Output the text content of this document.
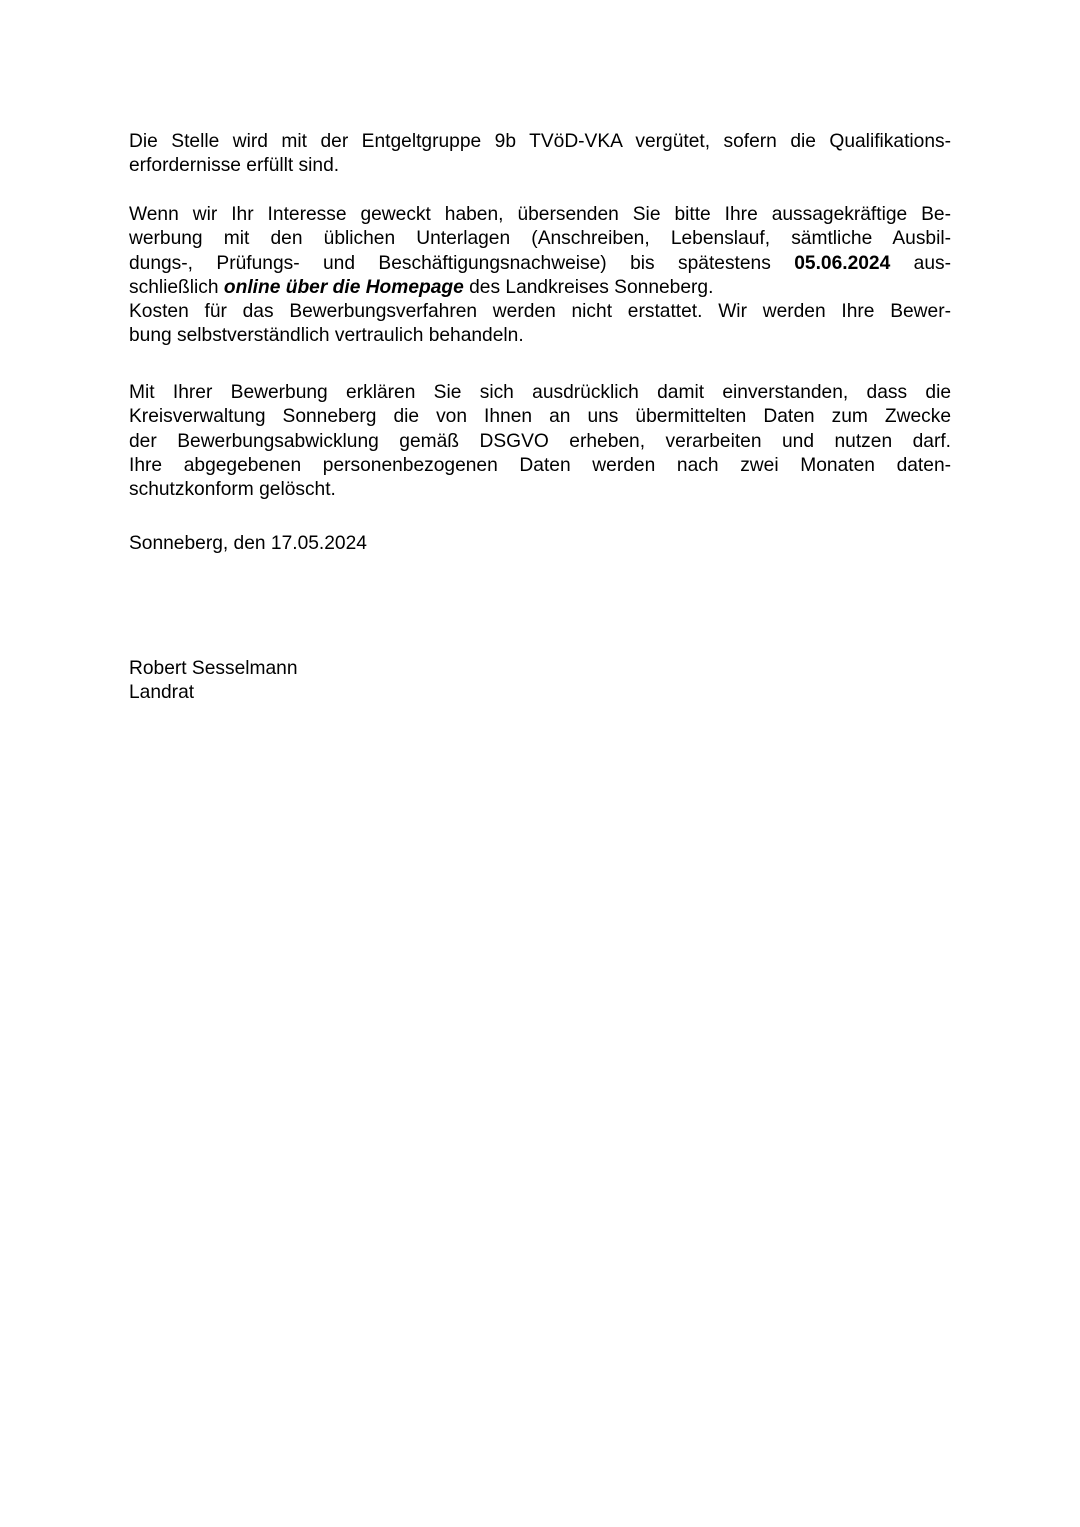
Die Stelle wird mit der Entgeltgruppe 9b TVöD-VKA vergütet, sofern die Qualifikations-
erfordernisse erfüllt sind.

Wenn wir Ihr Interesse geweckt haben, übersenden Sie bitte Ihre aussagekräftige Be-
werbung mit den üblichen Unterlagen (Anschreiben, Lebenslauf, sämtliche Ausbil-
dungs-, Prüfungs- und Beschäftigungsnachweise) bis spätestens 05.06.2024 aus-
schließlich online über die Homepage des Landkreises Sonneberg.
Kosten für das Bewerbungsverfahren werden nicht erstattet. Wir werden Ihre Bewer-
bung selbstverständlich vertraulich behandeln.

Mit Ihrer Bewerbung erklären Sie sich ausdrücklich damit einverstanden, dass die
Kreisverwaltung Sonneberg die von Ihnen an uns übermittelten Daten zum Zwecke
der Bewerbungsabwicklung gemäß DSGVO erheben, verarbeiten und nutzen darf.
Ihre abgegebenen personenbezogenen Daten werden nach zwei Monaten daten-
schutzkonform gelöscht.

Sonneberg, den 17.05.2024

Robert Sesselmann

Landrat
